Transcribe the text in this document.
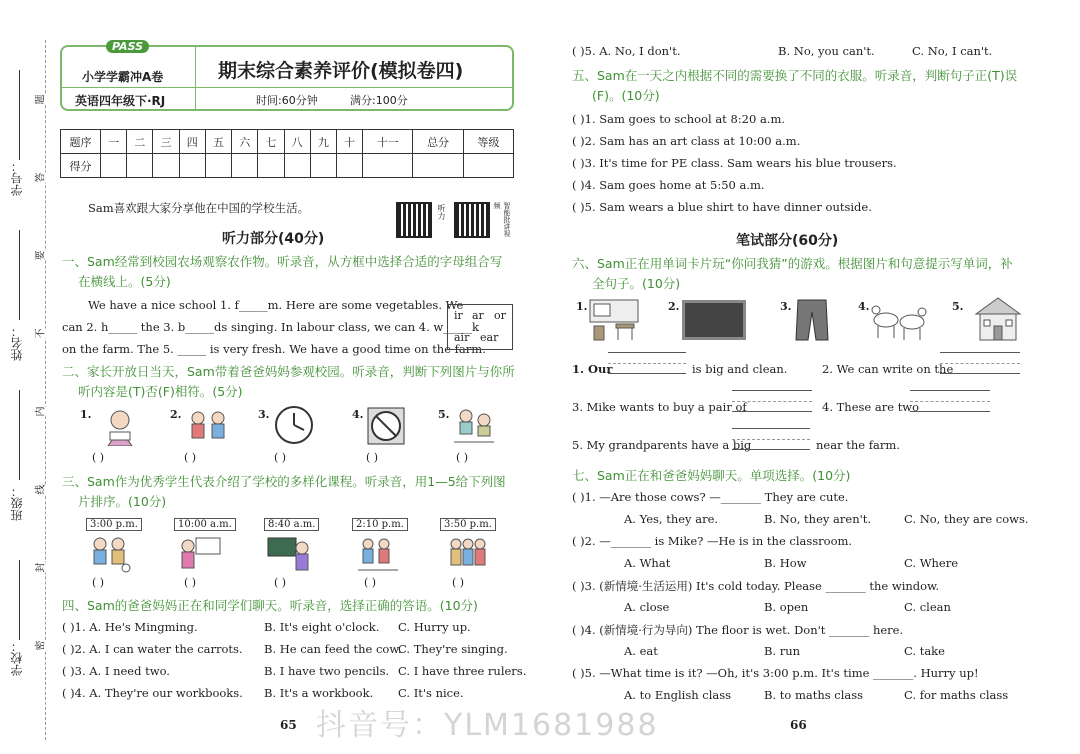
学号：
姓名：
班级：
学校：
题
答
要
不
内
线
封
密
PASS
小学学霸冲A卷
英语四年级下·RJ
期末综合素养评价(模拟卷四)
时间:60分钟	满分:100分
题序	一	二	三	四	五	六	七	八	九	十	十一	总分	等级
得分													
Sam喜欢跟大家分享他在中国的学校生活。	听力	智能批讲视频
听力部分(40分)
一、Sam经常到校园农场观察农作物。听录音，从方框中选择合适的字母组合写
在横线上。(5分)
We have a nice school 1. f_____m. Here are some vegetables. We
can 2. h_____ the 3. b_____ds singing. In labour class, we can 4. w_____k
on the farm. The 5. _____ is very fresh. We have a good time on the farm.
ir ar or
air ear
二、家长开放日当天，Sam带着爸爸妈妈参观校园。听录音，判断下列图片与你所
听内容是(T)否(F)相符。(5分)
1.
( )
2.
( )
3.
( )
4.
( )
5.
( )
三、Sam作为优秀学生代表介绍了学校的多样化课程。听录音，用1—5给下列图
片排序。(10分)
3:00 p.m.
( )
10:00 a.m.
( )
8:40 a.m.
( )
2:10 p.m.
( )
3:50 p.m.
( )
四、Sam的爸爸妈妈正在和同学们聊天。听录音，选择正确的答语。(10分)
( )1. A. He's Mingming.	B. It's eight o'clock. C. Hurry up.
( )2. A. I can water the carrots. B. He can feed the cow.
C. They're singing.
( )3. A. I need two.	B. I have two pencils. C. I have three rulers.
( )4. A. They're our workbooks. B. It's a workbook. C. It's nice.
65
( )5. A. No, I don't.	B. No, you can't.	C. No, I can't.
五、Sam在一天之内根据不同的需要换了不同的衣服。听录音，判断句子正(T)误
(F)。(10分)
( )1. Sam goes to school at 8:20 a.m.
( )2. Sam has an art class at 10:00 a.m.
( )3. It's time for PE class. Sam wears his blue trousers.
( )4. Sam goes home at 5:50 a.m.
( )5. Sam wears a blue shirt to have dinner outside.
笔试部分(60分)
六、Sam正在用单词卡片玩“你问我猜”的游戏。根据图片和句意提示写单词，补
全句子。(10分)
1.	2.	3.	4.	5.
1. Our	is big and clean.	2. We can write on the
3. Mike wants to buy a pair of	4. These are two
5. My grandparents have a big	near the farm.
七、Sam正在和爸爸妈妈聊天。单项选择。(10分)
( )1. —Are those cows? —_______ They are cute.
A. Yes, they are.	B. No, they aren't.	C. No, they are cows.
( )2. —_______ is Mike? —He is in the classroom.
A. What	B. How	C. Where
( )3. (新情境·生活运用) It's cold today. Please _______ the window.
A. close	B. open	C. clean
( )4. (新情境·行为导向) The floor is wet. Don't _______ here.
A. eat	B. run	C. take
( )5. —What time is it? —Oh, it's 3:00 p.m. It's time _______. Hurry up!
A. to English class	B. to maths class	C. for maths class
66
抖音号：YLM1681988
